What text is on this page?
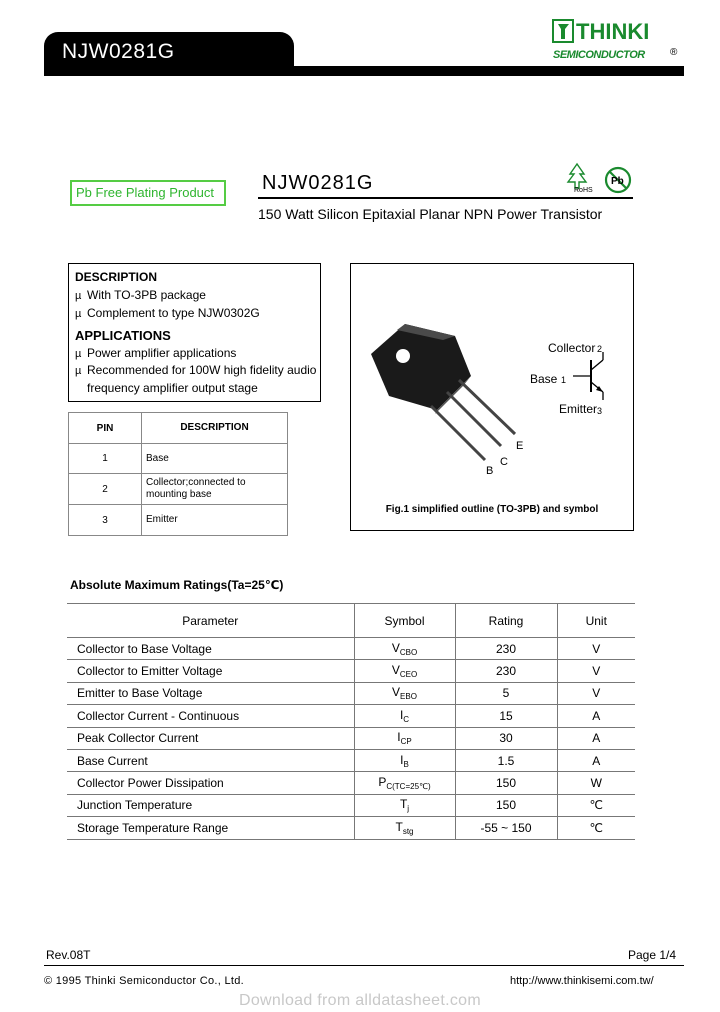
NJW0281G
THINKI
SEMICONDUCTOR	®
Pb Free Plating Product	NJW0281G
150 Watt Silicon Epitaxial Planar NPN Power Transistor
RoHS
Pb
DESCRIPTION
µ With TO-3PB package
µ Complement to type NJW0302G
APPLICATIONS
µ Power amplifier applications
µ Recommended for 100W high fidelity audio
frequency amplifier output stage
PIN	DESCRIPTION
1	Base
2	Collector;connected to mounting base
3	Emitter
B
C
E
Collector 2
Base 1
Emitter 3
Fig.1 simplified outline (TO-3PB) and symbol
Absolute Maximum Ratings(Ta=25℃)
Parameter	Symbol	Rating	Unit
Collector to Base Voltage	$V_{CBO}$	230	V
Collector to Emitter Voltage	$V_{CEO}$	230	V
Emitter to Base Voltage	$V_{EBO}$	5	V
Collector Current - Continuous	$I_C$	15	A
Peak Collector Current	$I_{CP}$	30	A
Base Current	$I_B$	1.5	A
Collector Power Dissipation	$P_{C(TC=25℃)}$	150	W
Junction Temperature	$T_j$	150	℃
Storage Temperature Range	$T_{stg}$	-55 ~ 150	℃
Rev.08T	Page 1/4
© 1995 Thinki Semiconductor Co., Ltd.	http://www.thinkisemi.com.tw/
Download from alldatasheet.com
